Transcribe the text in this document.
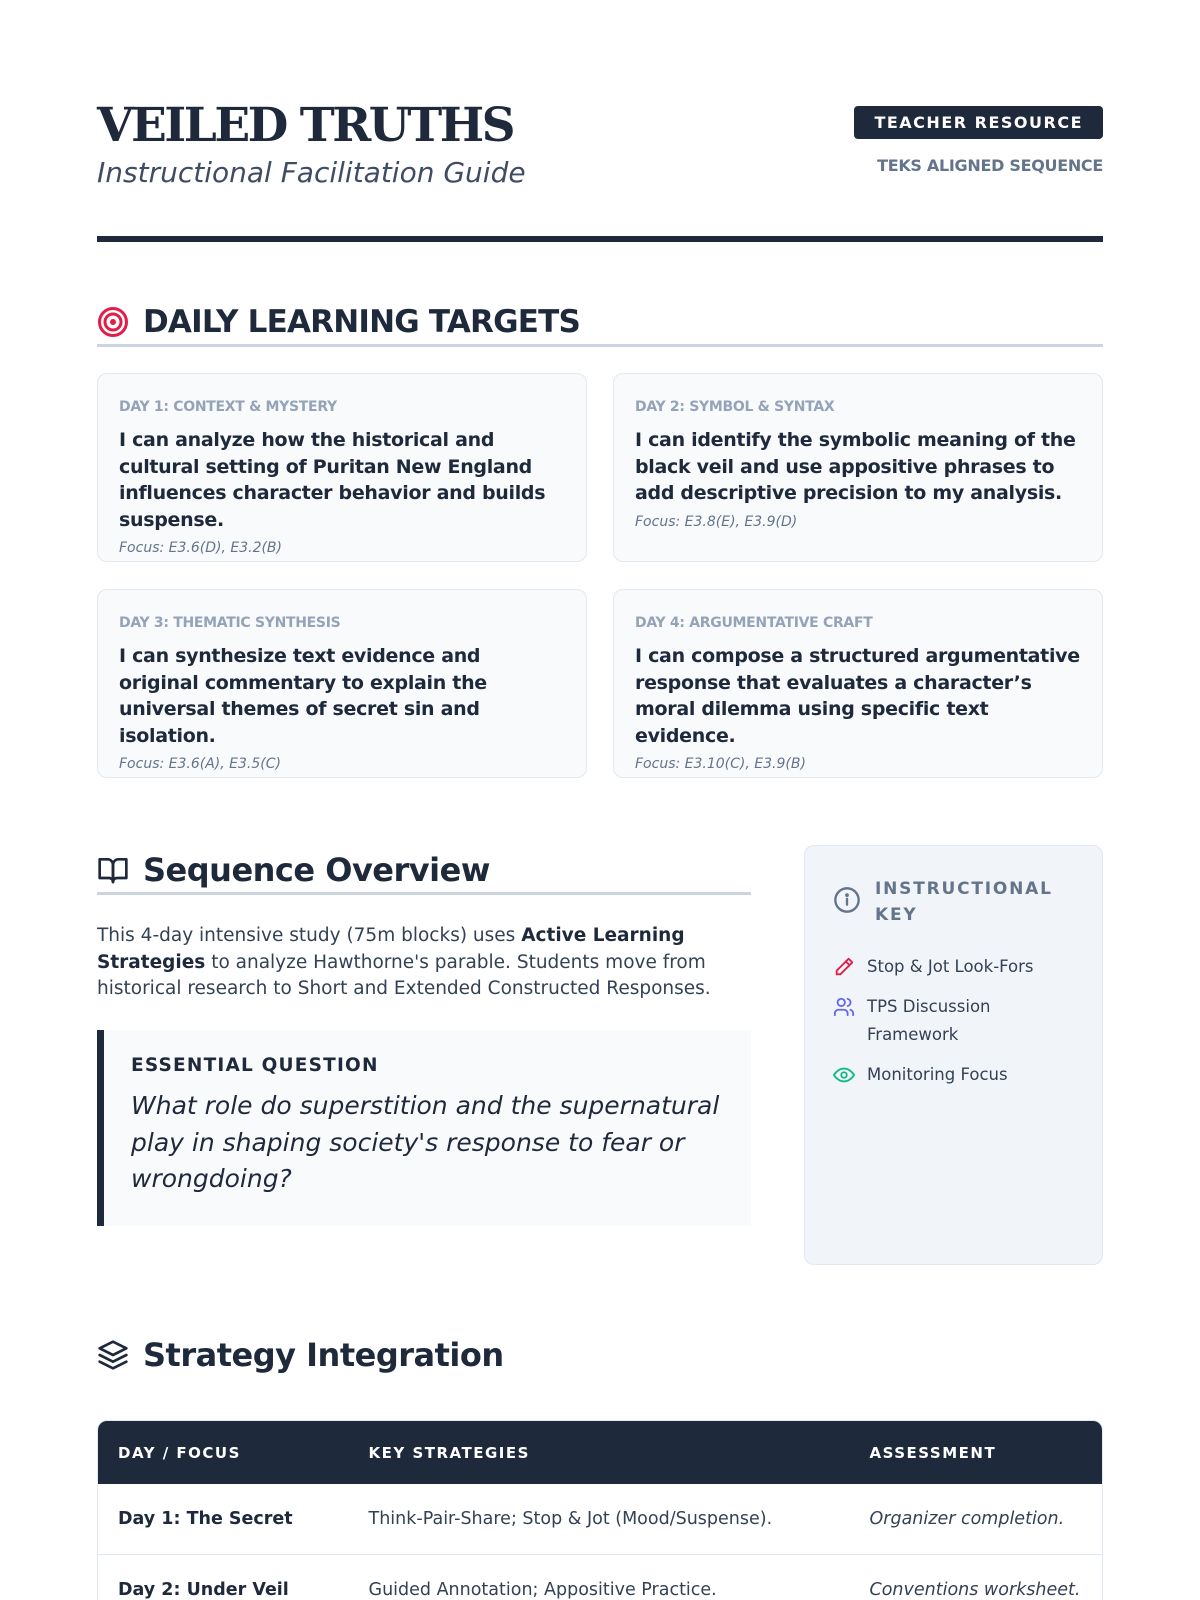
VEILED TRUTHS
Instructional Facilitation Guide
TEACHER RESOURCE
TEKS ALIGNED SEQUENCE
DAILY LEARNING TARGETS
DAY 1: CONTEXT & MYSTERY
I can analyze how the historical and cultural setting of Puritan New England influences character behavior and builds suspense.
Focus: E3.6(D), E3.2(B)
DAY 2: SYMBOL & SYNTAX
I can identify the symbolic meaning of the black veil and use appositive phrases to add descriptive precision to my analysis.
Focus: E3.8(E), E3.9(D)
DAY 3: THEMATIC SYNTHESIS
I can synthesize text evidence and original commentary to explain the universal themes of secret sin and isolation.
Focus: E3.6(A), E3.5(C)
DAY 4: ARGUMENTATIVE CRAFT
I can compose a structured argumentative response that evaluates a character’s moral dilemma using specific text evidence.
Focus: E3.10(C), E3.9(B)
Sequence Overview

This 4-day intensive study (75m blocks) uses Active Learning Strategies to analyze Hawthorne's parable. Students move from historical research to Short and Extended Constructed Responses.

ESSENTIAL QUESTION
What role do superstition and the supernatural play in shaping society's response to fear or wrongdoing?
INSTRUCTIONAL KEY
Stop & Jot Look-Fors
TPS Discussion Framework
Monitoring Focus
Strategy Integration
DAY / FOCUS	KEY STRATEGIES	ASSESSMENT
Day 1: The Secret	Think-Pair-Share; Stop & Jot (Mood/Suspense).	Organizer completion.
Day 2: Under Veil	Guided Annotation; Appositive Practice.	Conventions worksheet.
